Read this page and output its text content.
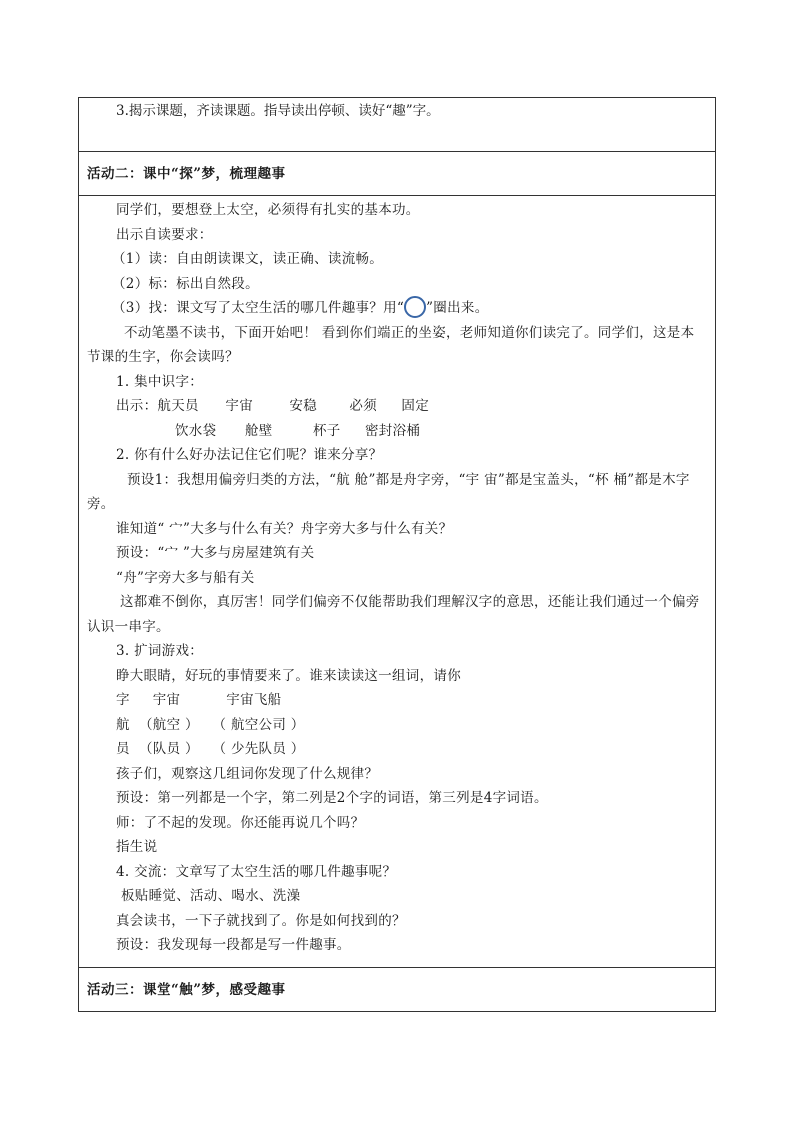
3.揭示课题，齐读课题。指导读出停顿、读好“趣”字。

活动二：课中“探”梦，梳理趣事

同学们，要想登上太空，必须得有扎实的基本功。
出示自读要求：
（1）读：自由朗读课文，读正确、读流畅。
（2）标：标出自然段。
（3）找：课文写了太空生活的哪几件趣事？用“○”圈出来。
不动笔墨不读书，下面开始吧！ 看到你们端正的坐姿，老师知道你们读完了。同学们，这是本节课的生字，你会读吗？
1. 集中识字：
出示：航天员 宇宙	安稳 必须 固定
饮水袋 舱壁	杯子 密封浴桶
2. 你有什么好办法记住它们呢？谁来分享？
预设1：我想用偏旁归类的方法，“航 舱”都是舟字旁，“宇 宙”都是宝盖头，“杯 桶”都是木字旁。
谁知道“ 宀”大多与什么有关？舟字旁大多与什么有关？
预设：“宀 ”大多与房屋建筑有关
“舟”字旁大多与船有关
这都难不倒你，真厉害！同学们偏旁不仅能帮助我们理解汉字的意思，还能让我们通过一个偏旁认识一串字。
3. 扩词游戏：
睁大眼睛，好玩的事情要来了。谁来读读这一组词，请你
字     宇宙          宇宙飞船
航  （航空 ）   （ 航空公司 ）
员  （队员 ）   （ 少先队员 ）
孩子们，观察这几组词你发现了什么规律？
预设：第一列都是一个字，第二列是2个字的词语，第三列是4字词语。
师：了不起的发现。你还能再说几个吗？
指生说
4. 交流：文章写了太空生活的哪几件趣事呢？
板贴睡觉、活动、喝水、洗澡
真会读书，一下子就找到了。你是如何找到的？
预设：我发现每一段都是写一件趣事。

活动三：课堂“触”梦，感受趣事
